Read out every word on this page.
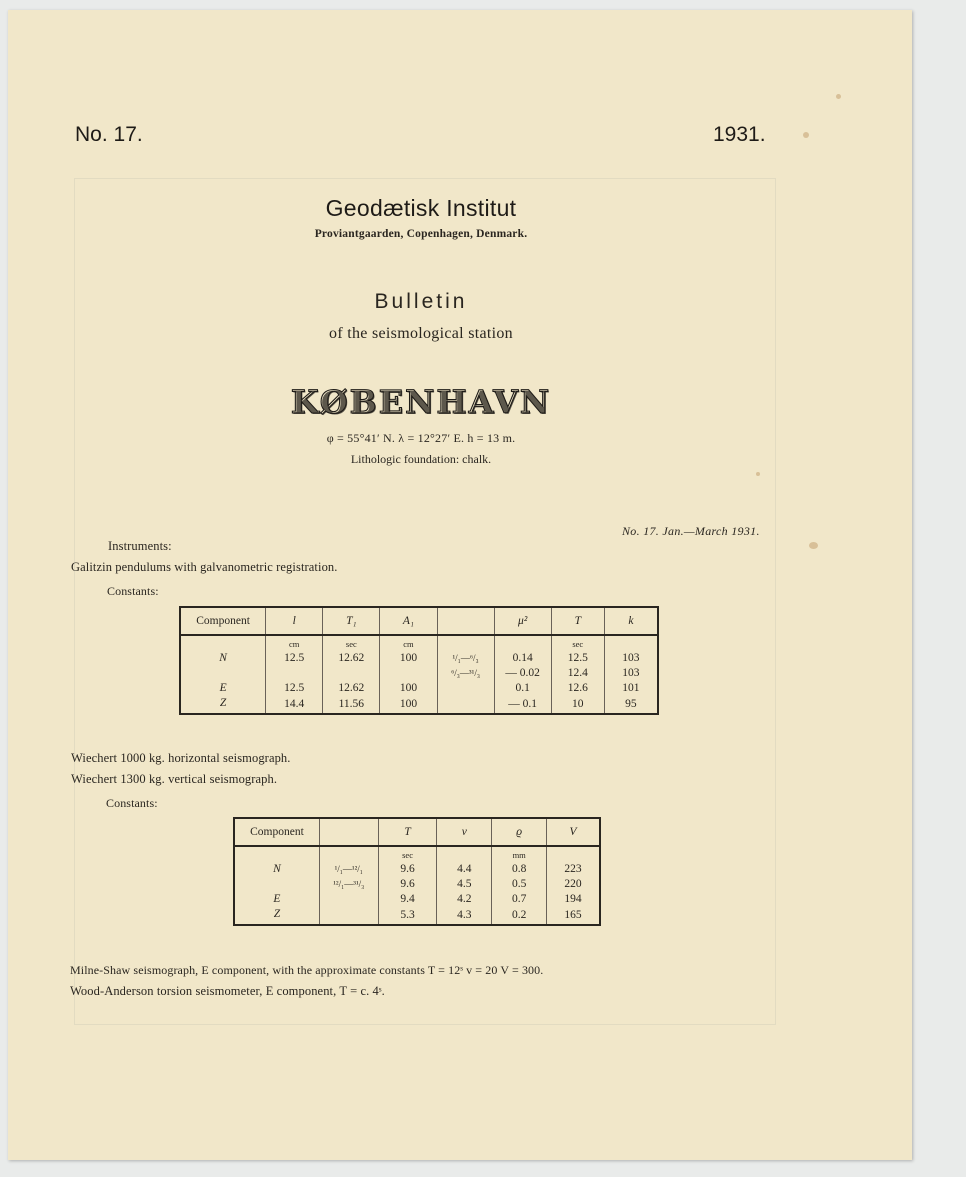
No. 17.	1931.
Geodætisk Institut
Proviantgaarden, Copenhagen, Denmark.
Bulletin
of the seismological station
KØBENHAVN
φ = 55°41′ N. λ = 12°27′ E. h = 13 m.
Lithologic foundation: chalk.
No. 17. Jan.—March 1931.
Instruments:
Galitzin pendulums with galvanometric registration.
Constants:
Component	l	T₁	A₁		μ²	T	k
	cm	sec	cm			sec	
N	12.5	12.62	100	¹/₁—⁶/₃	0.14	12.5	103
				⁶/₃—³¹/₃	— 0.02	12.4	103
E	12.5	12.62	100		0.1	12.6	101
Z	14.4	11.56	100		— 0.1	10	95
Wiechert 1000 kg. horizontal seismograph.
Wiechert 1300 kg. vertical seismograph.
Constants:
Component		T	v	ϱ	V
		sec		mm	
N	¹/₁—¹²/₁	9.6	4.4	0.8	223
	¹²/₁—³¹/₃	9.6	4.5	0.5	220
E		9.4	4.2	0.7	194
Z		5.3	4.3	0.2	165
Milne-Shaw seismograph, E component, with the approximate constants T = 12ˢ v = 20 V = 300.
Wood-Anderson torsion seismometer, E component, T = c. 4ˢ.
